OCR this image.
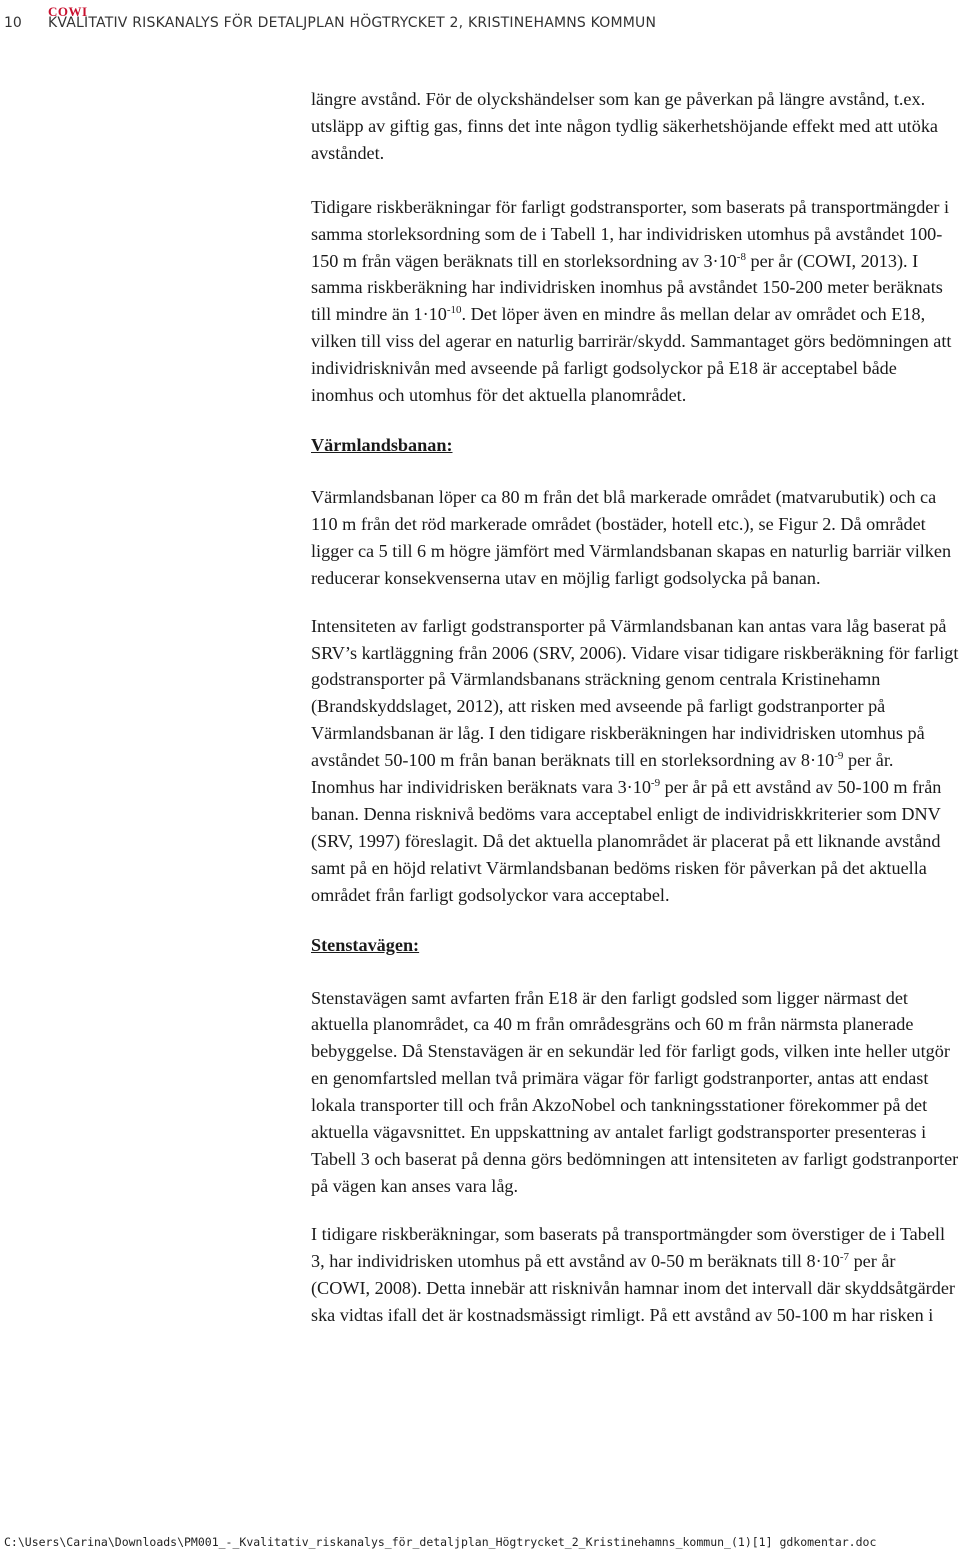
10
COWI
KVALITATIV RISKANALYS FÖR DETALJPLAN HÖGTRYCKET 2, KRISTINEHAMNS KOMMUN

längre avstånd. För de olyckshändelser som kan ge påverkan på längre avstånd, t.ex. utsläpp av giftig gas, finns det inte någon tydlig säkerhetshöjande effekt med att utöka avståndet.

Tidigare riskberäkningar för farligt godstransporter, som baserats på transportmängder i samma storleksordning som de i Tabell 1, har individrisken utomhus på avståndet 100-150 m från vägen beräknats till en storleksordning av $3\cdot 10^{-8}$ per år (COWI, 2013). I samma riskberäkning har individrisken inomhus på avståndet 150-200 meter beräknats till mindre än $1\cdot 10^{-10}$. Det löper även en mindre ås mellan delar av området och E18, vilken till viss del agerar en naturlig barrirär/skydd. Sammantaget görs bedömningen att individrisknivån med avseende på farligt godsolyckor på E18 är acceptabel både inomhus och utomhus för det aktuella planområdet.

Värmlandsbanan:

Värmlandsbanan löper ca 80 m från det blå markerade området (matvarubutik) och ca 110 m från det röd markerade området (bostäder, hotell etc.), se Figur 2. Då området ligger ca 5 till 6 m högre jämfört med Värmlandsbanan skapas en naturlig barriär vilken reducerar konsekvenserna utav en möjlig farligt godsolycka på banan.

Intensiteten av farligt godstransporter på Värmlandsbanan kan antas vara låg baserat på SRV’s kartläggning från 2006 (SRV, 2006). Vidare visar tidigare riskberäkning för farligt godstransporter på Värmlandsbanans sträckning genom centrala Kristinehamn (Brandskyddslaget, 2012), att risken med avseende på farligt godstranporter på Värmlandsbanan är låg. I den tidigare riskberäkningen har individrisken utomhus på avståndet 50-100 m från banan beräknats till en storleksordning av $8\cdot 10^{-9}$ per år. Inomhus har individrisken beräknats vara $3\cdot 10^{-9}$ per år på ett avstånd av 50-100 m från banan. Denna risknivå bedöms vara acceptabel enligt de individriskkriterier som DNV (SRV, 1997) föreslagit. Då det aktuella planområdet är placerat på ett liknande avstånd samt på en höjd relativt Värmlandsbanan bedöms risken för påverkan på det aktuella området från farligt godsolyckor vara acceptabel.

Stenstavägen:

Stenstavägen samt avfarten från E18 är den farligt godsled som ligger närmast det aktuella planområdet, ca 40 m från områdesgräns och 60 m från närmsta planerade bebyggelse. Då Stenstavägen är en sekundär led för farligt gods, vilken inte heller utgör en genomfartsled mellan två primära vägar för farligt godstranporter, antas att endast lokala transporter till och från AkzoNobel och tankningsstationer förekommer på det aktuella vägavsnittet. En uppskattning av antalet farligt godstransporter presenteras i Tabell 3 och baserat på denna görs bedömningen att intensiteten av farligt godstranporter på vägen kan anses vara låg.

I tidigare riskberäkningar, som baserats på transportmängder som överstiger de i Tabell 3, har individrisken utomhus på ett avstånd av 0-50 m beräknats till $8\cdot 10^{-7}$ per år (COWI, 2008). Detta innebär att risknivån hamnar inom det intervall där skyddsåtgärder ska vidtas ifall det är kostnadsmässigt rimligt. På ett avstånd av 50-100 m har risken i

C:\Users\Carina\Downloads\PM001_-_Kvalitativ_riskanalys_för_detaljplan_Högtrycket_2_Kristinehamns_kommun_(1)[1] gdkomentar.doc
